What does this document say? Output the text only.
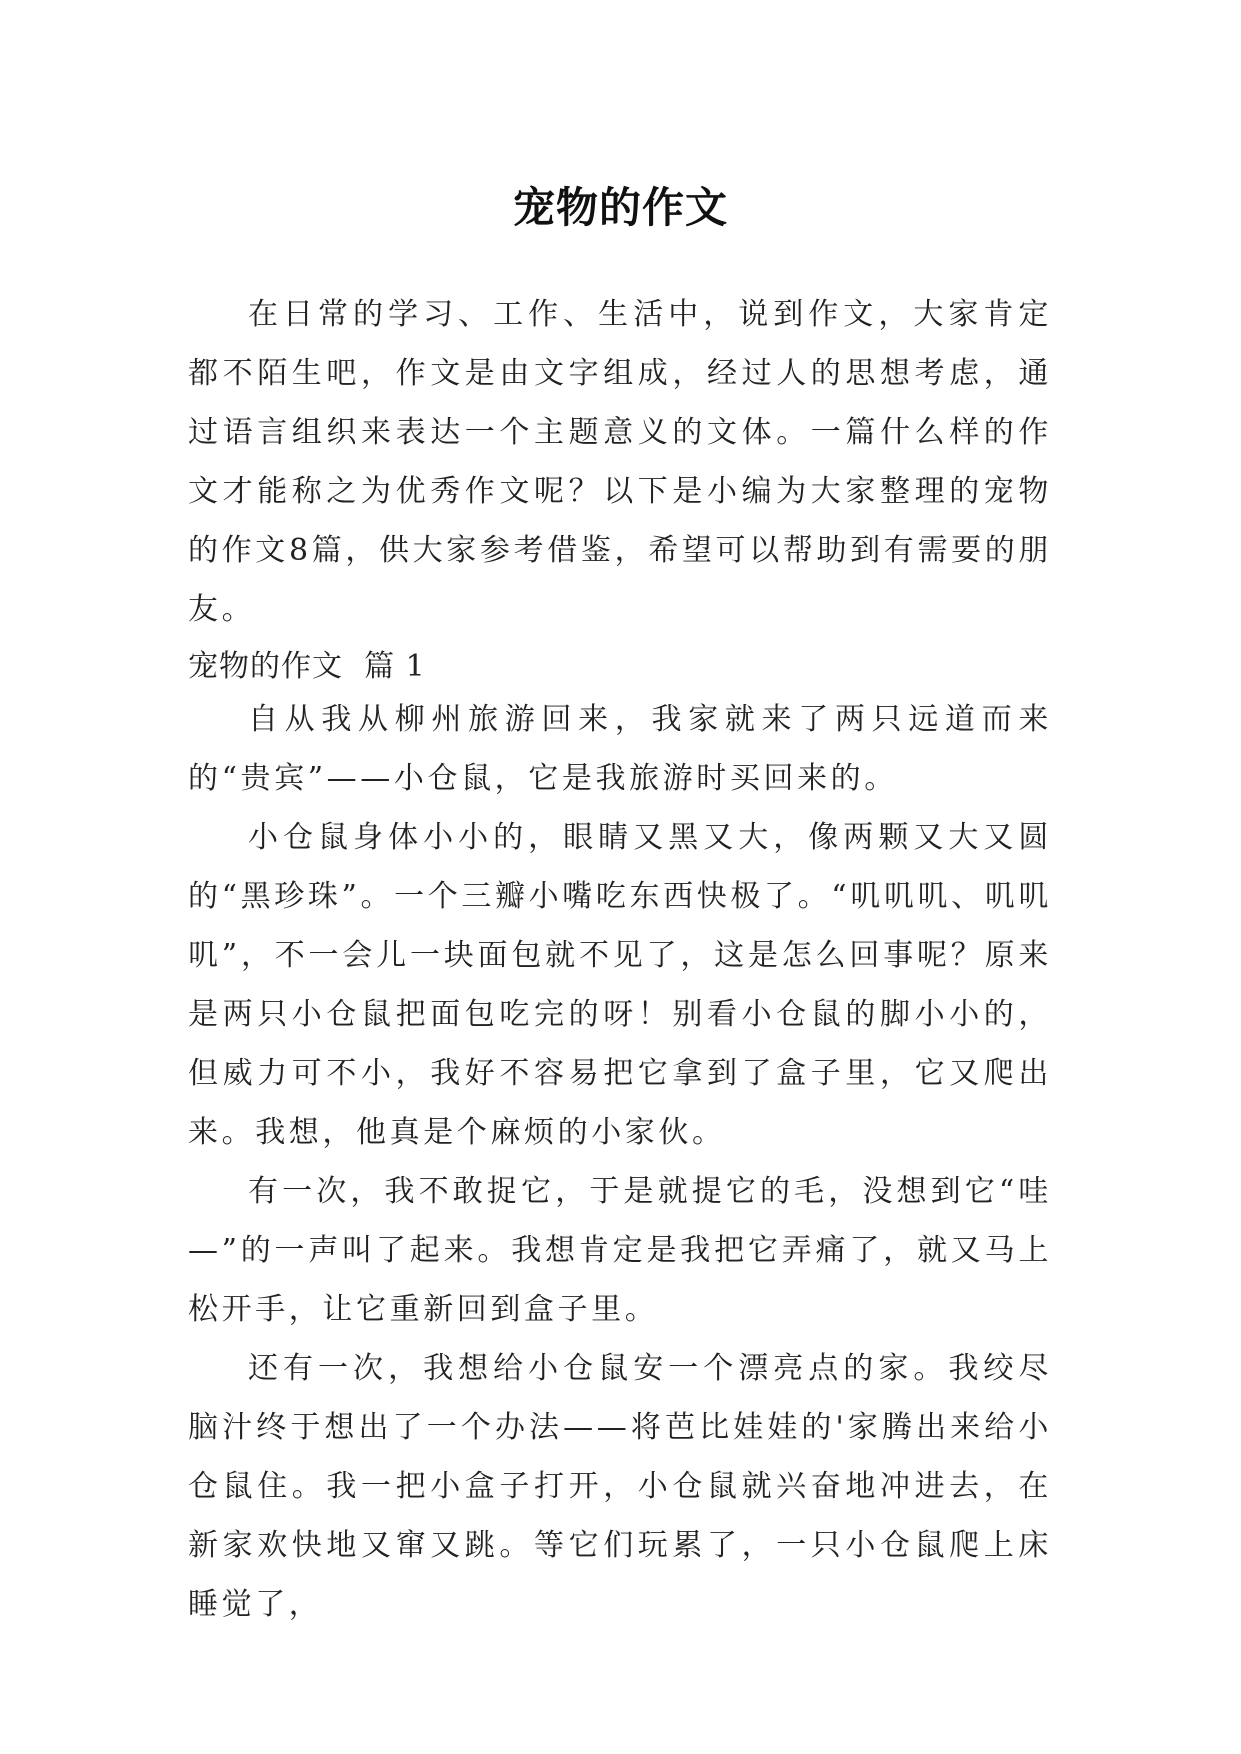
宠物的作文

在日常的学习、工作、生活中，说到作文，大家肯定都不陌生吧，作文是由文字组成，经过人的思想考虑，通过语言组织来表达一个主题意义的文体。一篇什么样的作文才能称之为优秀作文呢？以下是小编为大家整理的宠物的作文8篇，供大家参考借鉴，希望可以帮助到有需要的朋友。

宠物的作文  篇 1

自从我从柳州旅游回来，我家就来了两只远道而来的“贵宾”——小仓鼠，它是我旅游时买回来的。

小仓鼠身体小小的，眼睛又黑又大，像两颗又大又圆的“黑珍珠”。一个三瓣小嘴吃东西快极了。“叽叽叽、叽叽叽”，不一会儿一块面包就不见了，这是怎么回事呢？原来是两只小仓鼠把面包吃完的呀！别看小仓鼠的脚小小的，但威力可不小，我好不容易把它拿到了盒子里，它又爬出来。我想，他真是个麻烦的小家伙。

有一次，我不敢捉它，于是就提它的毛，没想到它“哇—”的一声叫了起来。我想肯定是我把它弄痛了，就又马上松开手，让它重新回到盒子里。

还有一次，我想给小仓鼠安一个漂亮点的家。我绞尽脑汁终于想出了一个办法——将芭比娃娃的'家腾出来给小仓鼠住。我一把小盒子打开，小仓鼠就兴奋地冲进去，在新家欢快地又窜又跳。等它们玩累了，一只小仓鼠爬上床睡觉了，
